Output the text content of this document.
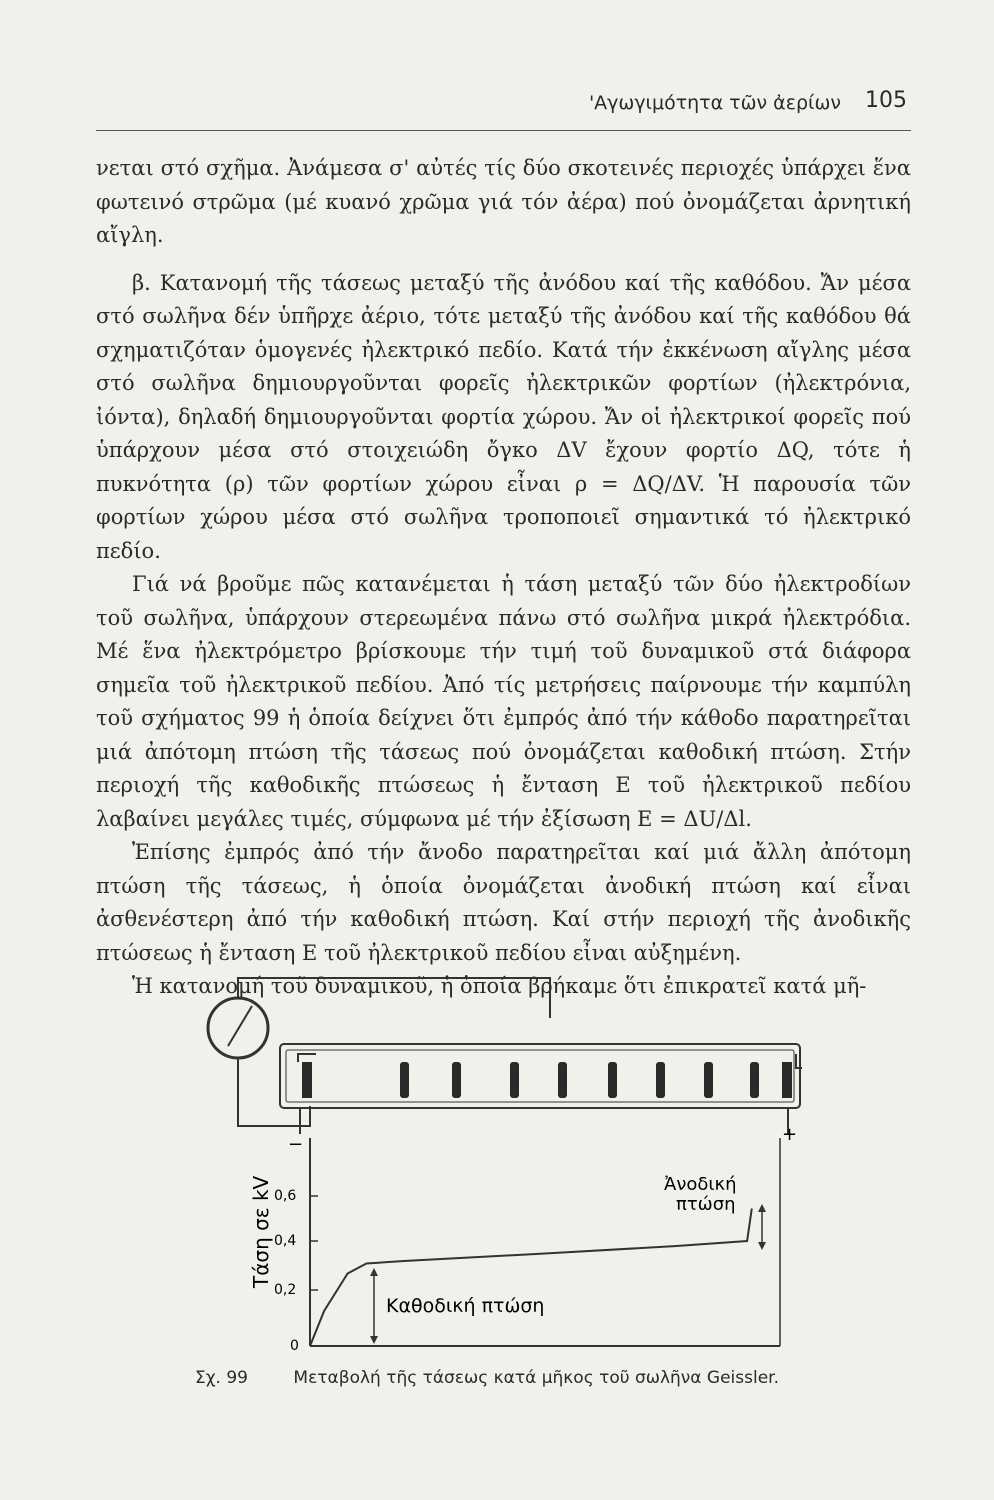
'Αγωγιμότητα τῶν ἀερίων 105

νεται στό σχῆμα. Ἀνάμεσα σ' αὐτές τίς δύο σκοτεινές περιοχές ὑπάρχει ἕνα φωτεινό στρῶμα (μέ κυανό χρῶμα γιά τόν ἀέρα) πού ὀνομάζεται ἀρνητική αἴγλη.

β. Κατανομή τῆς τάσεως μεταξύ τῆς ἀνόδου καί τῆς καθόδου. Ἄν μέσα στό σωλῆνα δέν ὑπῆρχε ἀέριο, τότε μεταξύ τῆς ἀνόδου καί τῆς καθόδου θά σχηματιζόταν ὁμογενές ἠλεκτρικό πεδίο. Κατά τήν ἐκκένωση αἴγλης μέσα στό σωλῆνα δημιουργοῦνται φορεῖς ἠλεκτρικῶν φορτίων (ἠλεκτρόνια, ἰόντα), δηλαδή δημιουργοῦνται φορτία χώρου. Ἄν οἱ ἠλεκτρικοί φορεῖς πού ὑπάρχουν μέσα στό στοιχειώδη ὄγκο ΔV ἔχουν φορτίο ΔQ, τότε ἡ πυκνότητα (ρ) τῶν φορτίων χώρου εἶναι ρ = ΔQ/ΔV. Ἡ παρουσία τῶν φορτίων χώρου μέσα στό σωλῆνα τροποποιεῖ σημαντικά τό ἠλεκτρικό πεδίο.

Γιά νά βροῦμε πῶς κατανέμεται ἡ τάση μεταξύ τῶν δύο ἠλεκτροδίων τοῦ σωλῆνα, ὑπάρχουν στερεωμένα πάνω στό σωλῆνα μικρά ἠλεκτρόδια. Μέ ἕνα ἠλεκτρόμετρο βρίσκουμε τήν τιμή τοῦ δυναμικοῦ στά διάφορα σημεῖα τοῦ ἠλεκτρικοῦ πεδίου. Ἀπό τίς μετρήσεις παίρνουμε τήν καμπύλη τοῦ σχήματος 99 ἡ ὁποία δείχνει ὅτι ἐμπρός ἀπό τήν κάθοδο παρατηρεῖται μιά ἀπότομη πτώση τῆς τάσεως πού ὀνομάζεται καθοδική πτώση. Στήν περιοχή τῆς καθοδικῆς πτώσεως ἡ ἔνταση Ε τοῦ ἠλεκτρικοῦ πεδίου λαβαίνει μεγάλες τιμές, σύμφωνα μέ τήν ἐξίσωση Ε = ΔU/Δl.

Ἐπίσης ἐμπρός ἀπό τήν ἄνοδο παρατηρεῖται καί μιά ἄλλη ἀπότομη πτώση τῆς τάσεως, ἡ ὁποία ὀνομάζεται ἀνοδική πτώση καί εἶναι ἀσθενέστερη ἀπό τήν καθοδική πτώση. Καί στήν περιοχή τῆς ἀνοδικῆς πτώσεως ἡ ἔνταση Ε τοῦ ἠλεκτρικοῦ πεδίου εἶναι αὐξημένη.

Ἡ κατανομή τοῦ δυναμικοῦ, ἡ ὁποία βρήκαμε ὅτι ἐπικρατεῖ κατά μῆ-

−	+
Τάση σε kV 0,6
0,4
0,2
0
Καθοδική πτώση
Ἀνοδική
πτώση
Σχ. 99	Μεταβολή τῆς τάσεως κατά μῆκος τοῦ σωλῆνα Geissler.
